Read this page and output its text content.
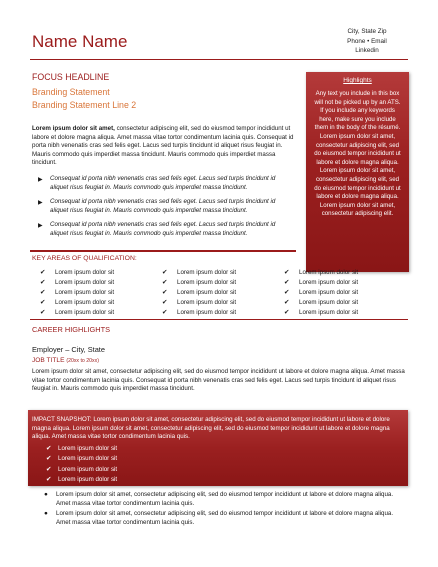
Name Name
City, State Zip
Phone • Email
Linkedin
FOCUS HEADLINE
Branding Statement
Branding Statement Line 2
Lorem ipsum dolor sit amet, consectetur adipiscing elit, sed do eiusmod tempor incididunt ut labore et dolore magna aliqua. Amet massa vitae tortor condimentum lacinia quis. Consequat id porta nibh venenatis cras sed felis eget. Lacus sed turpis tincidunt id aliquet risus feugiat in. Mauris commodo quis imperdiet massa tincidunt. Mauris commodo quis imperdiet massa tincidunt.
▶ Consequat id porta nibh venenatis cras sed felis eget. Lacus sed turpis tincidunt id aliquet risus feugiat in. Mauris commodo quis imperdiet massa tincidunt.
▶ Consequat id porta nibh venenatis cras sed felis eget. Lacus sed turpis tincidunt id aliquet risus feugiat in. Mauris commodo quis imperdiet massa tincidunt.
▶ Consequat id porta nibh venenatis cras sed felis eget. Lacus sed turpis tincidunt id aliquet risus feugiat in. Mauris commodo quis imperdiet massa tincidunt.
Highlights

Any text you include in this box will not be picked up by an ATS. If you include any keywords here, make sure you include them in the body of the résumé. Lorem ipsum dolor sit amet, consectetur adipiscing elit, sed do eiusmod tempor incididunt ut labore et dolore magna aliqua. Lorem ipsum dolor sit amet, consectetur adipiscing elit, sed do eiusmod tempor incididunt ut labore et dolore magna aliqua. Lorem ipsum dolor sit amet, consectetur adipiscing elit.

KEY AREAS OF QUALIFICATION:
✔ Lorem ipsum dolor sit
✔ Lorem ipsum dolor sit
✔ Lorem ipsum dolor sit
✔ Lorem ipsum dolor sit
✔ Lorem ipsum dolor sit
✔ Lorem ipsum dolor sit
✔ Lorem ipsum dolor sit
✔ Lorem ipsum dolor sit
✔ Lorem ipsum dolor sit
✔ Lorem ipsum dolor sit
✔ Lorem ipsum dolor sit
✔ Lorem ipsum dolor sit
✔ Lorem ipsum dolor sit
✔ Lorem ipsum dolor sit
✔ Lorem ipsum dolor sit
CAREER HIGHLIGHTS
Employer – City, State
JOB TITLE (20xx to 20xx)
Lorem ipsum dolor sit amet, consectetur adipiscing elit, sed do eiusmod tempor incididunt ut labore et dolore magna aliqua. Amet massa vitae tortor condimentum lacinia quis. Consequat id porta nibh venenatis cras sed felis eget. Lacus sed turpis tincidunt id aliquet risus feugiat in. Mauris commodo quis imperdiet massa tincidunt.
IMPACT SNAPSHOT: Lorem ipsum dolor sit amet, consectetur adipiscing elit, sed do eiusmod tempor incididunt ut labore et dolore magna aliqua. Lorem ipsum dolor sit amet, consectetur adipiscing elit, sed do eiusmod tempor incididunt ut labore et dolore magna aliqua. Amet massa vitae tortor condimentum lacinia quis.
✔ Lorem ipsum dolor sit
✔ Lorem ipsum dolor sit
✔ Lorem ipsum dolor sit
✔ Lorem ipsum dolor sit
● Lorem ipsum dolor sit amet, consectetur adipiscing elit, sed do eiusmod tempor incididunt ut labore et dolore magna aliqua. Amet massa vitae tortor condimentum lacinia quis.
● Lorem ipsum dolor sit amet, consectetur adipiscing elit, sed do eiusmod tempor incididunt ut labore et dolore magna aliqua. Amet massa vitae tortor condimentum lacinia quis.
